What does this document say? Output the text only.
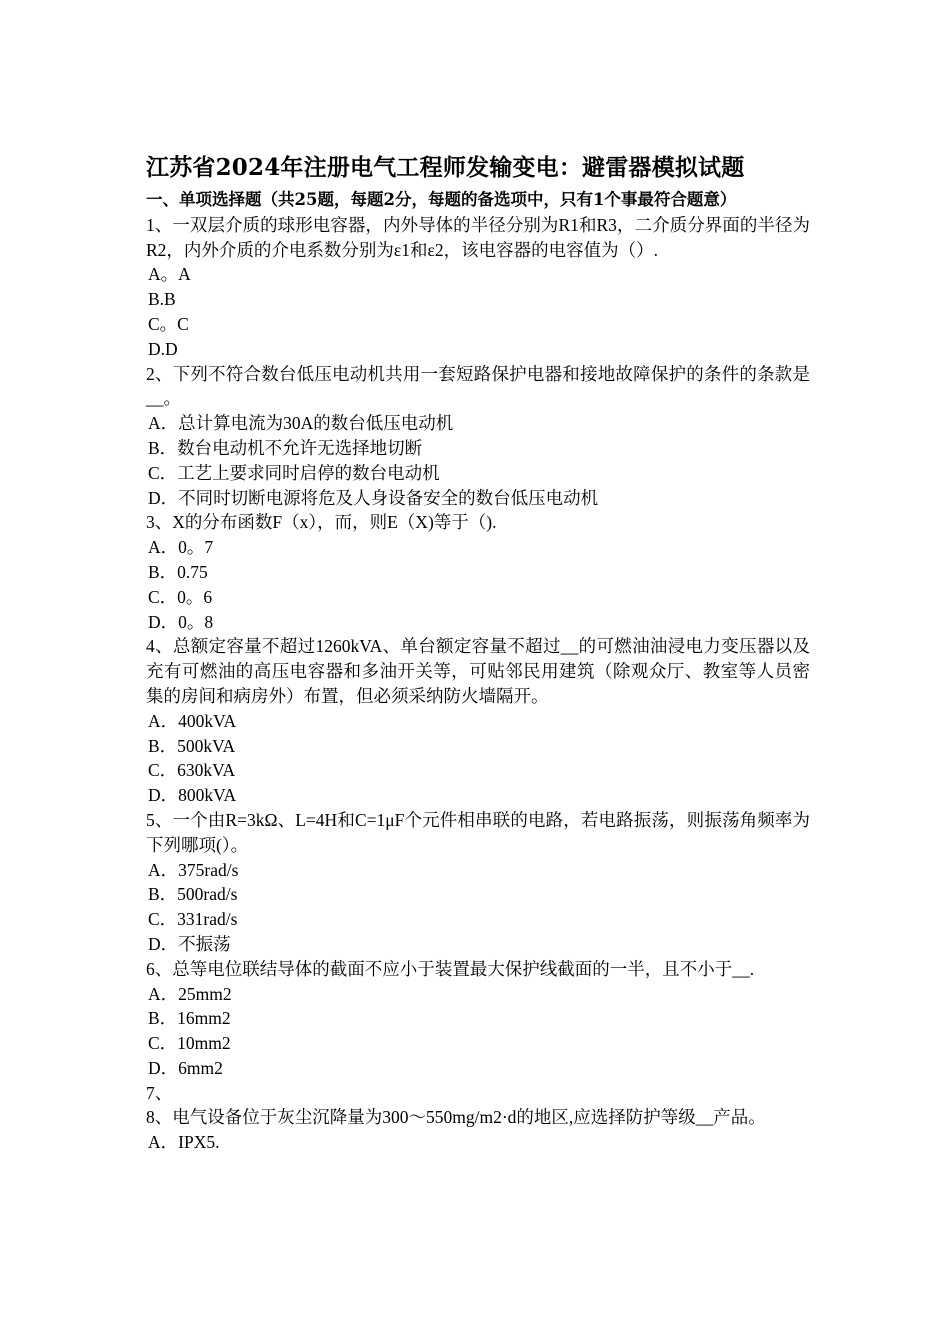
江苏省2024年注册电气工程师发输变电：避雷器模拟试题
一、单项选择题（共25题，每题2分，每题的备选项中，只有1个事最符合题意）
1、一双层介质的球形电容器，内外导体的半径分别为R1和R3，二介质分界面的半径为R2，内外介质的介电系数分别为ε1和ε2，该电容器的电容值为（）.
A。A
B.B
C。C
D.D
2、下列不符合数台低压电动机共用一套短路保护电器和接地故障保护的条件的条款是__。
A．总计算电流为30A的数台低压电动机
B．数台电动机不允许无选择地切断
C．工艺上要求同时启停的数台电动机
D．不同时切断电源将危及人身设备安全的数台低压电动机
3、X的分布函数F（x），而，则E（X)等于（).
A．0。7
B．0.75
C．0。6
D．0。8
4、总额定容量不超过1260kVA、单台额定容量不超过__的可燃油油浸电力变压器以及充有可燃油的高压电容器和多油开关等，可贴邻民用建筑（除观众厅、教室等人员密集的房间和病房外）布置，但必须采纳防火墙隔开。
A．400kVA
B．500kVA
C．630kVA
D．800kVA
5、一个由R=3kΩ、L=4H和C=1μF个元件相串联的电路，若电路振荡，则振荡角频率为下列哪项(）。
A．375rad/s
B．500rad/s
C．331rad/s
D．不振荡
6、总等电位联结导体的截面不应小于装置最大保护线截面的一半，且不小于__.
A．25mm2
B．16mm2
C．10mm2
D．6mm2
7、
8、电气设备位于灰尘沉降量为300～550mg/m2·d的地区,应选择防护等级__产品。
A．IPX5.
